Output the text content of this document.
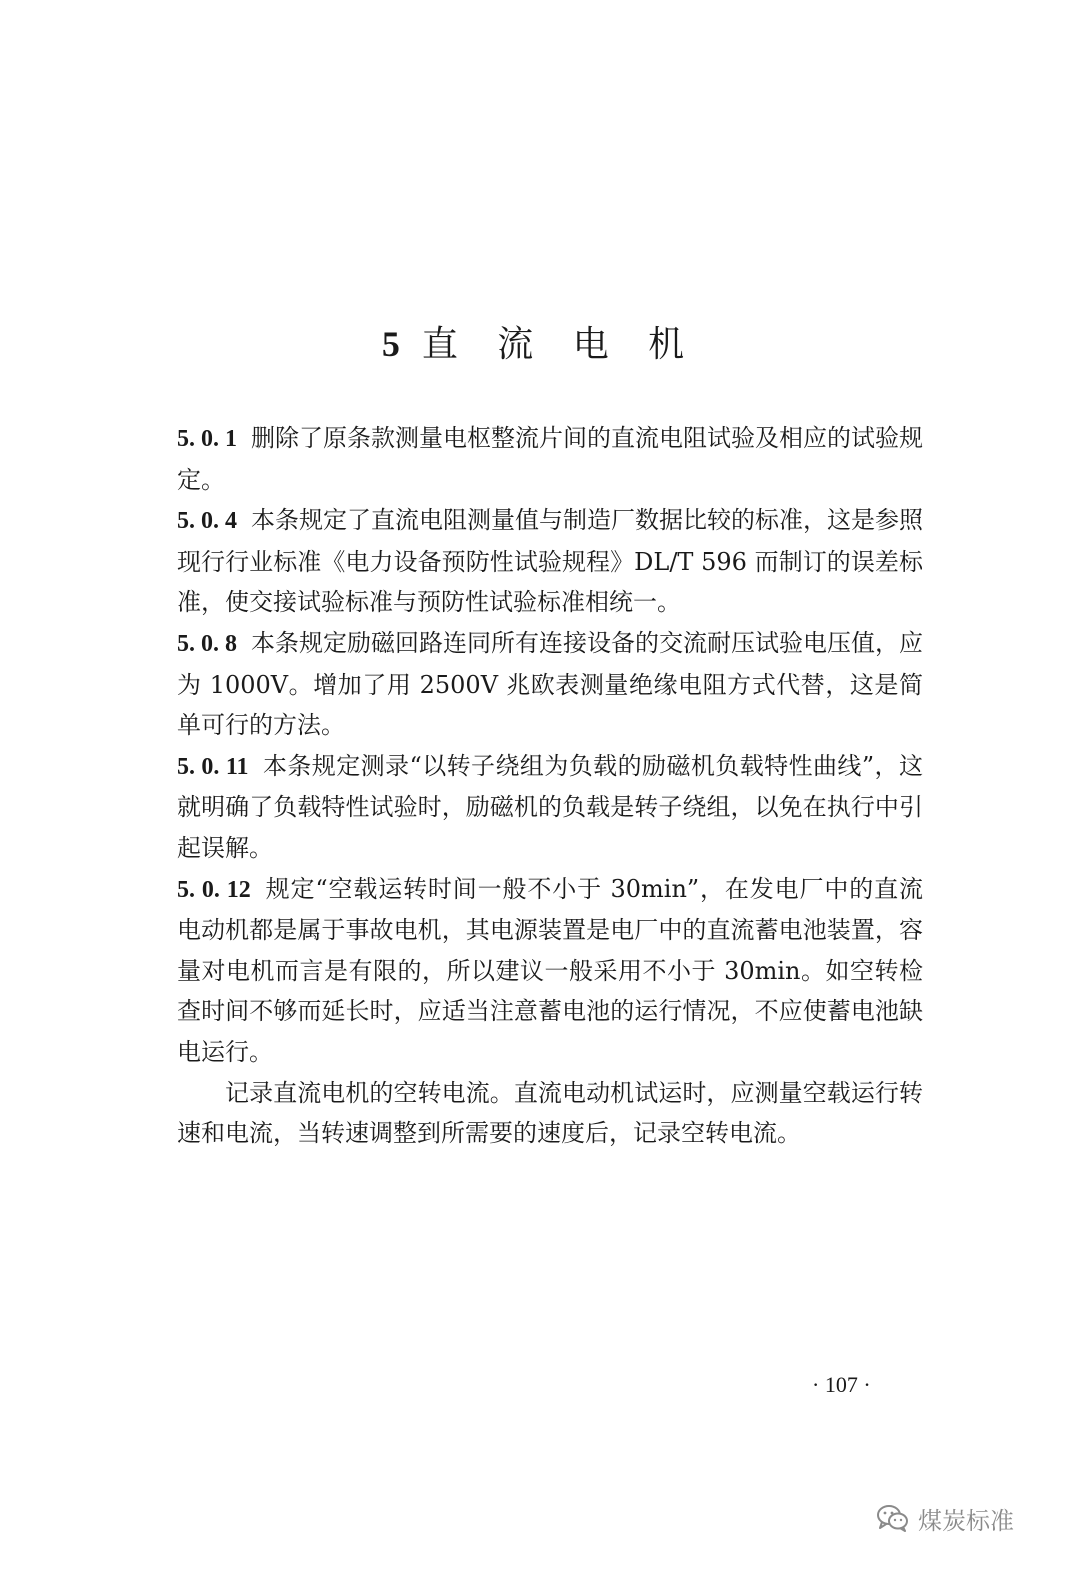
5 直 流 电 机

5. 0. 1 删除了原条款测量电枢整流片间的直流电阻试验及相应的试验规定。

5. 0. 4 本条规定了直流电阻测量值与制造厂数据比较的标准，这是参照现行行业标准《电力设备预防性试验规程》DL/T 596 而制订的误差标准，使交接试验标准与预防性试验标准相统一。

5. 0. 8 本条规定励磁回路连同所有连接设备的交流耐压试验电压值，应为 1000V。增加了用 2500V 兆欧表测量绝缘电阻方式代替，这是简单可行的方法。

5. 0. 11 本条规定测录“以转子绕组为负载的励磁机负载特性曲线”，这就明确了负载特性试验时，励磁机的负载是转子绕组，以免在执行中引起误解。

5. 0. 12 规定“空载运转时间一般不小于 30min”，在发电厂中的直流电动机都是属于事故电机，其电源装置是电厂中的直流蓄电池装置，容量对电机而言是有限的，所以建议一般采用不小于 30min。如空转检查时间不够而延长时，应适当注意蓄电池的运行情况，不应使蓄电池缺电运行。

记录直流电机的空转电流。直流电动机试运时，应测量空载运行转速和电流，当转速调整到所需要的速度后，记录空转电流。

· 107 ·
煤炭标准
